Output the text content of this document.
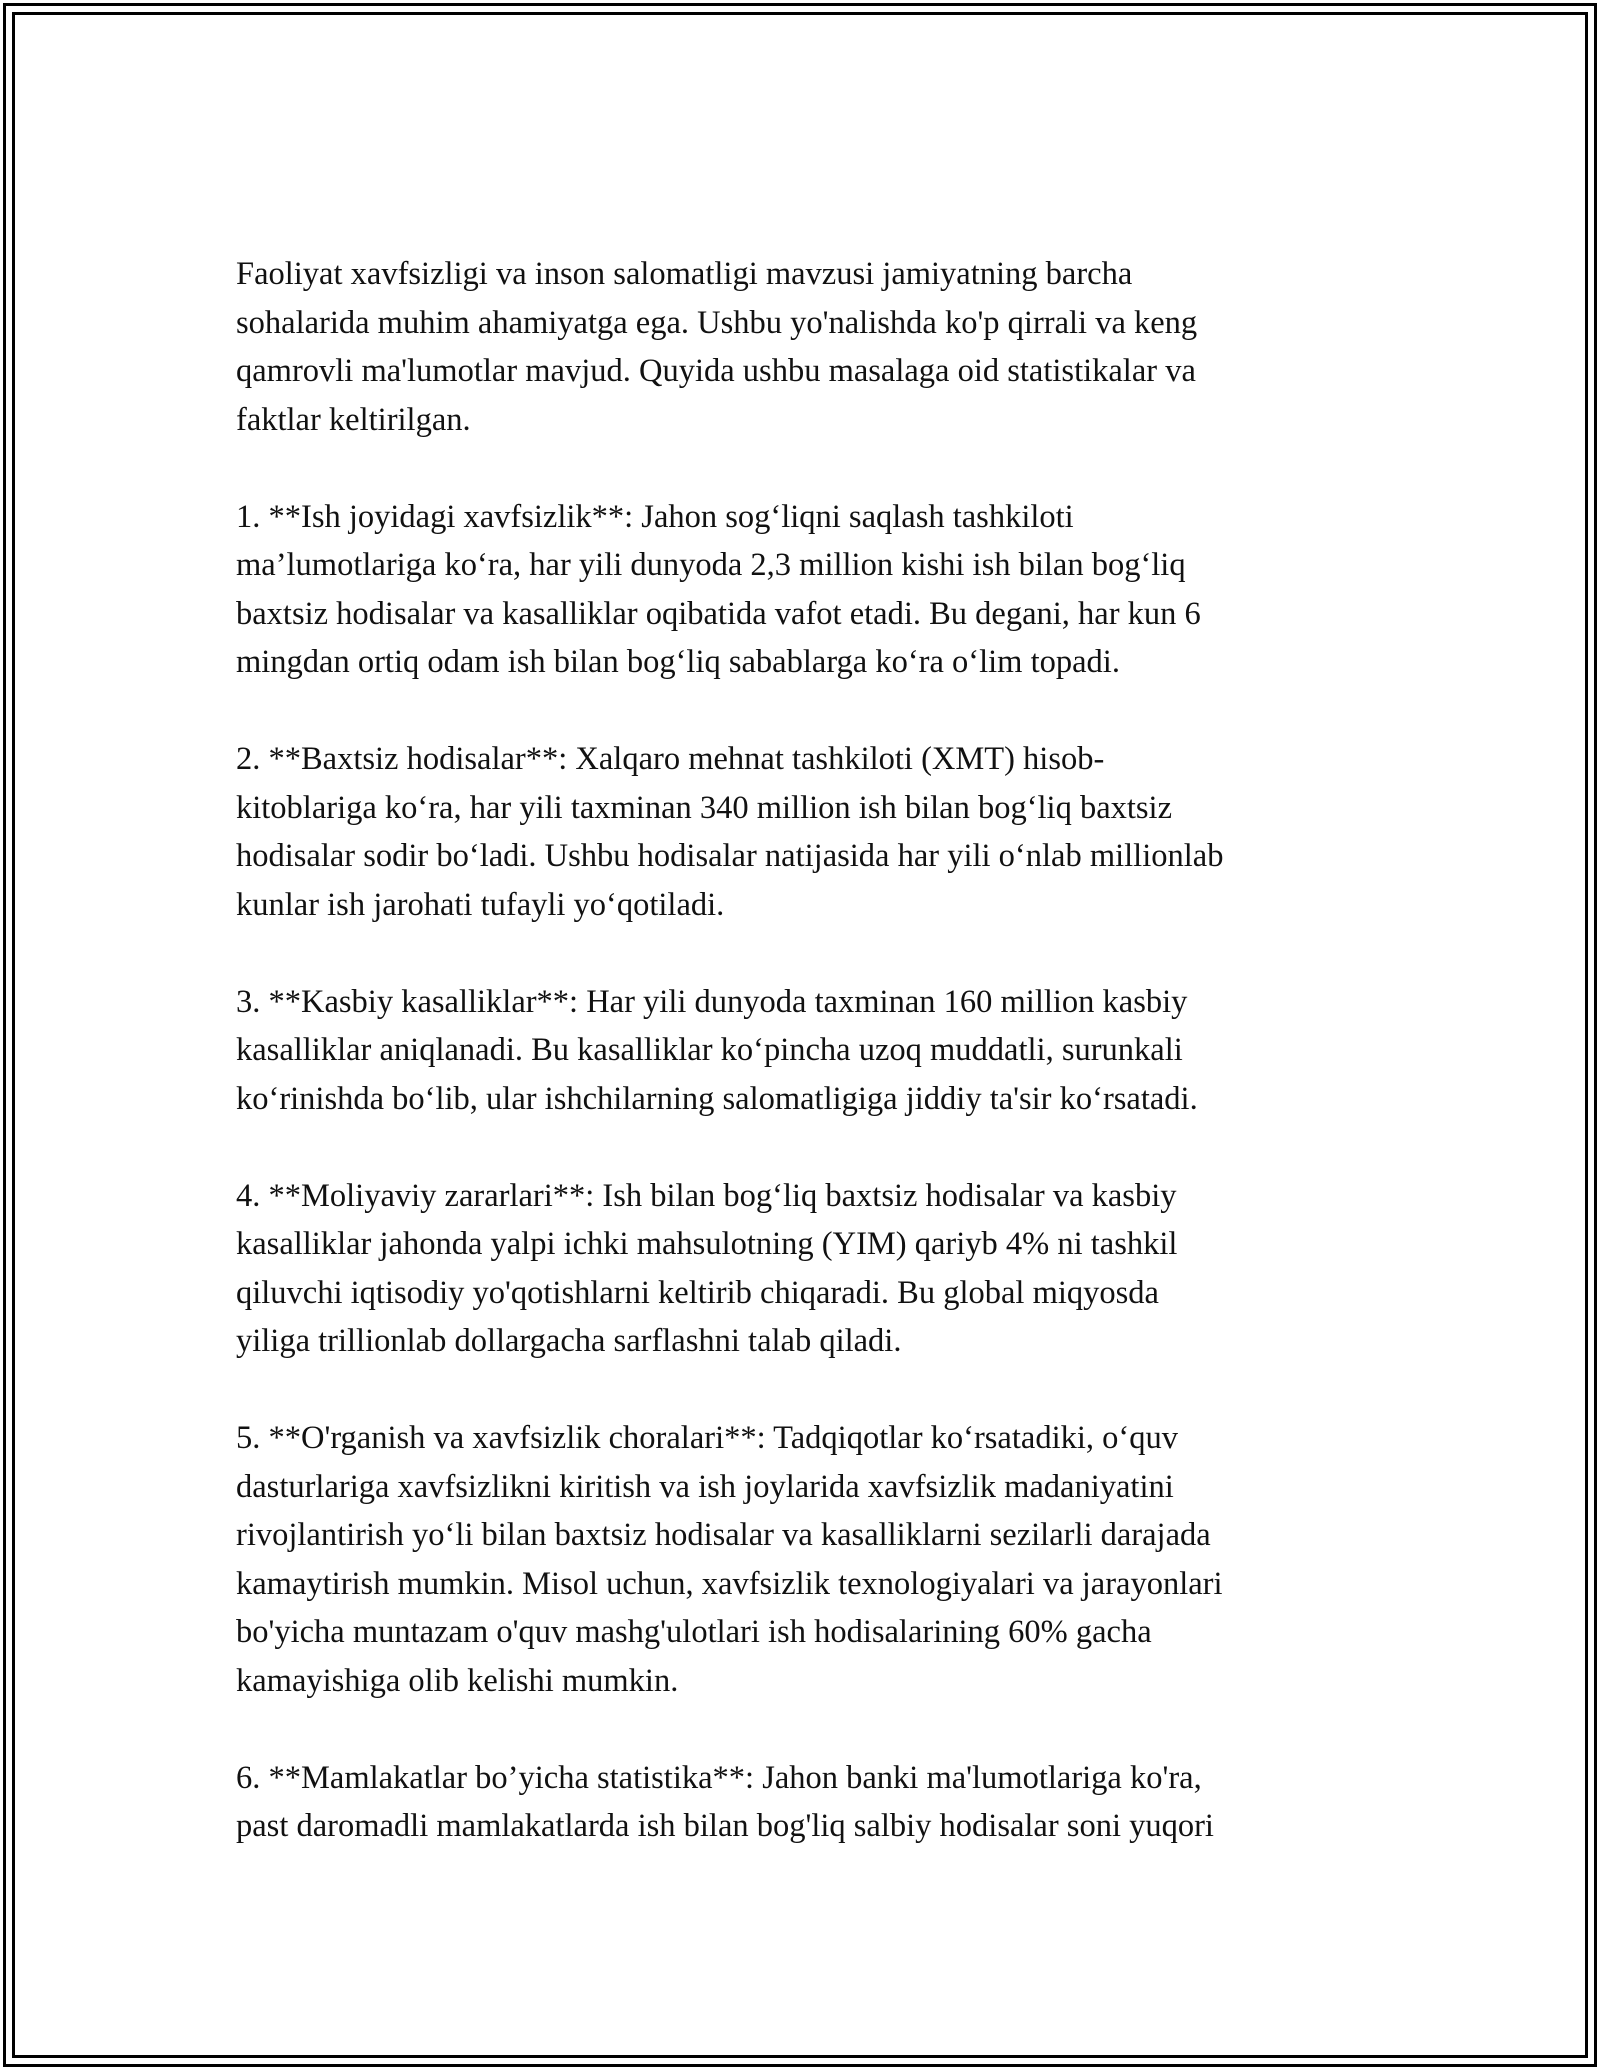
Faoliyat xavfsizligi va inson salomatligi mavzusi jamiyatning barcha
sohalarida muhim ahamiyatga ega. Ushbu yo'nalishda ko'p qirrali va keng
qamrovli ma'lumotlar mavjud. Quyida ushbu masalaga oid statistikalar va
faktlar keltirilgan.
1. **Ish joyidagi xavfsizlik**: Jahon sog‘liqni saqlash tashkiloti
ma’lumotlariga ko‘ra, har yili dunyoda 2,3 million kishi ish bilan bog‘liq
baxtsiz hodisalar va kasalliklar oqibatida vafot etadi. Bu degani, har kun 6
mingdan ortiq odam ish bilan bog‘liq sabablarga ko‘ra o‘lim topadi.
2. **Baxtsiz hodisalar**: Xalqaro mehnat tashkiloti (XMT) hisob-
kitoblariga ko‘ra, har yili taxminan 340 million ish bilan bog‘liq baxtsiz
hodisalar sodir bo‘ladi. Ushbu hodisalar natijasida har yili o‘nlab millionlab
kunlar ish jarohati tufayli yo‘qotiladi.
3. **Kasbiy kasalliklar**: Har yili dunyoda taxminan 160 million kasbiy
kasalliklar aniqlanadi. Bu kasalliklar ko‘pincha uzoq muddatli, surunkali
ko‘rinishda bo‘lib, ular ishchilarning salomatligiga jiddiy ta'sir ko‘rsatadi.
4. **Moliyaviy zararlari**: Ish bilan bog‘liq baxtsiz hodisalar va kasbiy
kasalliklar jahonda yalpi ichki mahsulotning (YIM) qariyb 4% ni tashkil
qiluvchi iqtisodiy yo'qotishlarni keltirib chiqaradi. Bu global miqyosda
yiliga trillionlab dollargacha sarflashni talab qiladi.
5. **O'rganish va xavfsizlik choralari**: Tadqiqotlar ko‘rsatadiki, o‘quv
dasturlariga xavfsizlikni kiritish va ish joylarida xavfsizlik madaniyatini
rivojlantirish yo‘li bilan baxtsiz hodisalar va kasalliklarni sezilarli darajada
kamaytirish mumkin. Misol uchun, xavfsizlik texnologiyalari va jarayonlari
bo'yicha muntazam o'quv mashg'ulotlari ish hodisalarining 60% gacha
kamayishiga olib kelishi mumkin.
6. **Mamlakatlar bo’yicha statistika**: Jahon banki ma'lumotlariga ko'ra,
past daromadli mamlakatlarda ish bilan bog'liq salbiy hodisalar soni yuqori
